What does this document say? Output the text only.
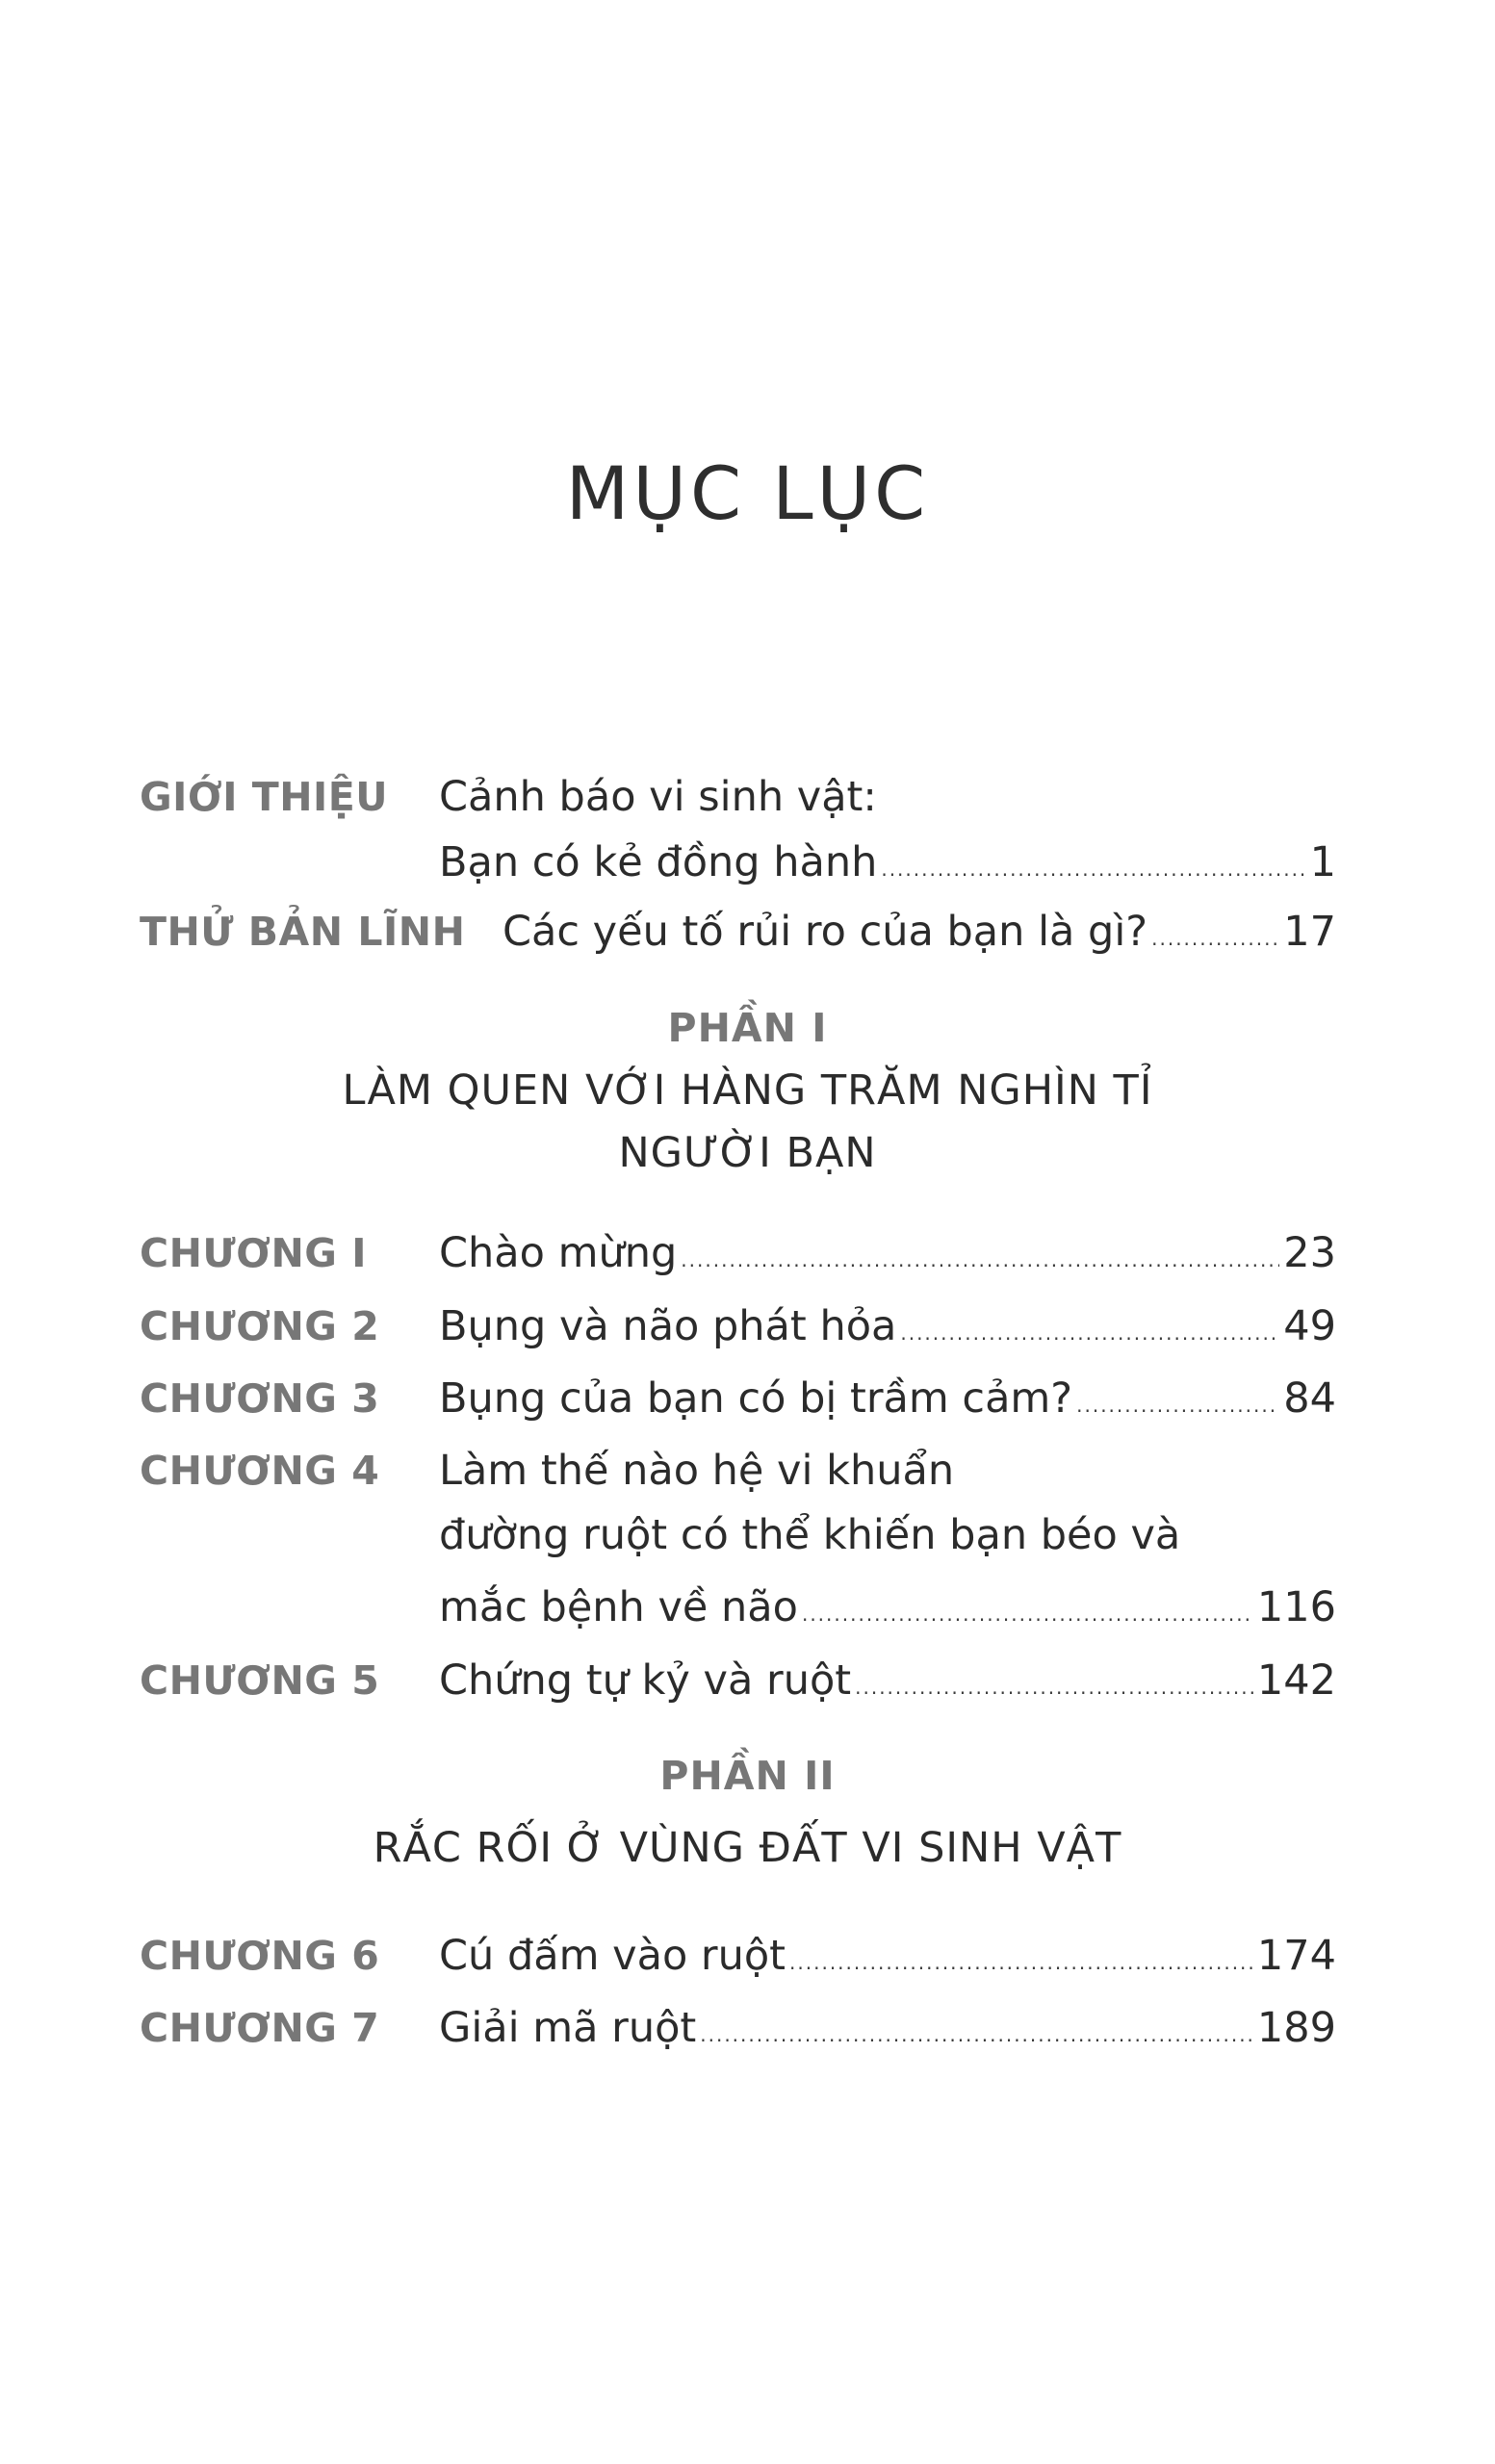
MỤC LỤC
GIỚI THIỆU Cảnh báo vi sinh vật:
Bạn có kẻ đồng hành .....	1
THỬ BẢN LĨNH Các yếu tố rủi ro của bạn là gì? .....	17
PHẦN I
LÀM QUEN VỚI HÀNG TRĂM NGHÌN TỈ
NGƯỜI BẠN
CHƯƠNG I Chào mừng .....	23
CHƯƠNG 2 Bụng và não phát hỏa .....	49
CHƯƠNG 3 Bụng của bạn có bị trầm cảm? .....	84
CHƯƠNG 4 Làm thế nào hệ vi khuẩn
đường ruột có thể khiến bạn béo và
mắc bệnh về não .....	116
CHƯƠNG 5 Chứng tự kỷ và ruột .....	142
PHẦN II
RẮC RỐI Ở VÙNG ĐẤT VI SINH VẬT
CHƯƠNG 6 Cú đấm vào ruột .....	174
CHƯƠNG 7 Giải mã ruột .....	189
